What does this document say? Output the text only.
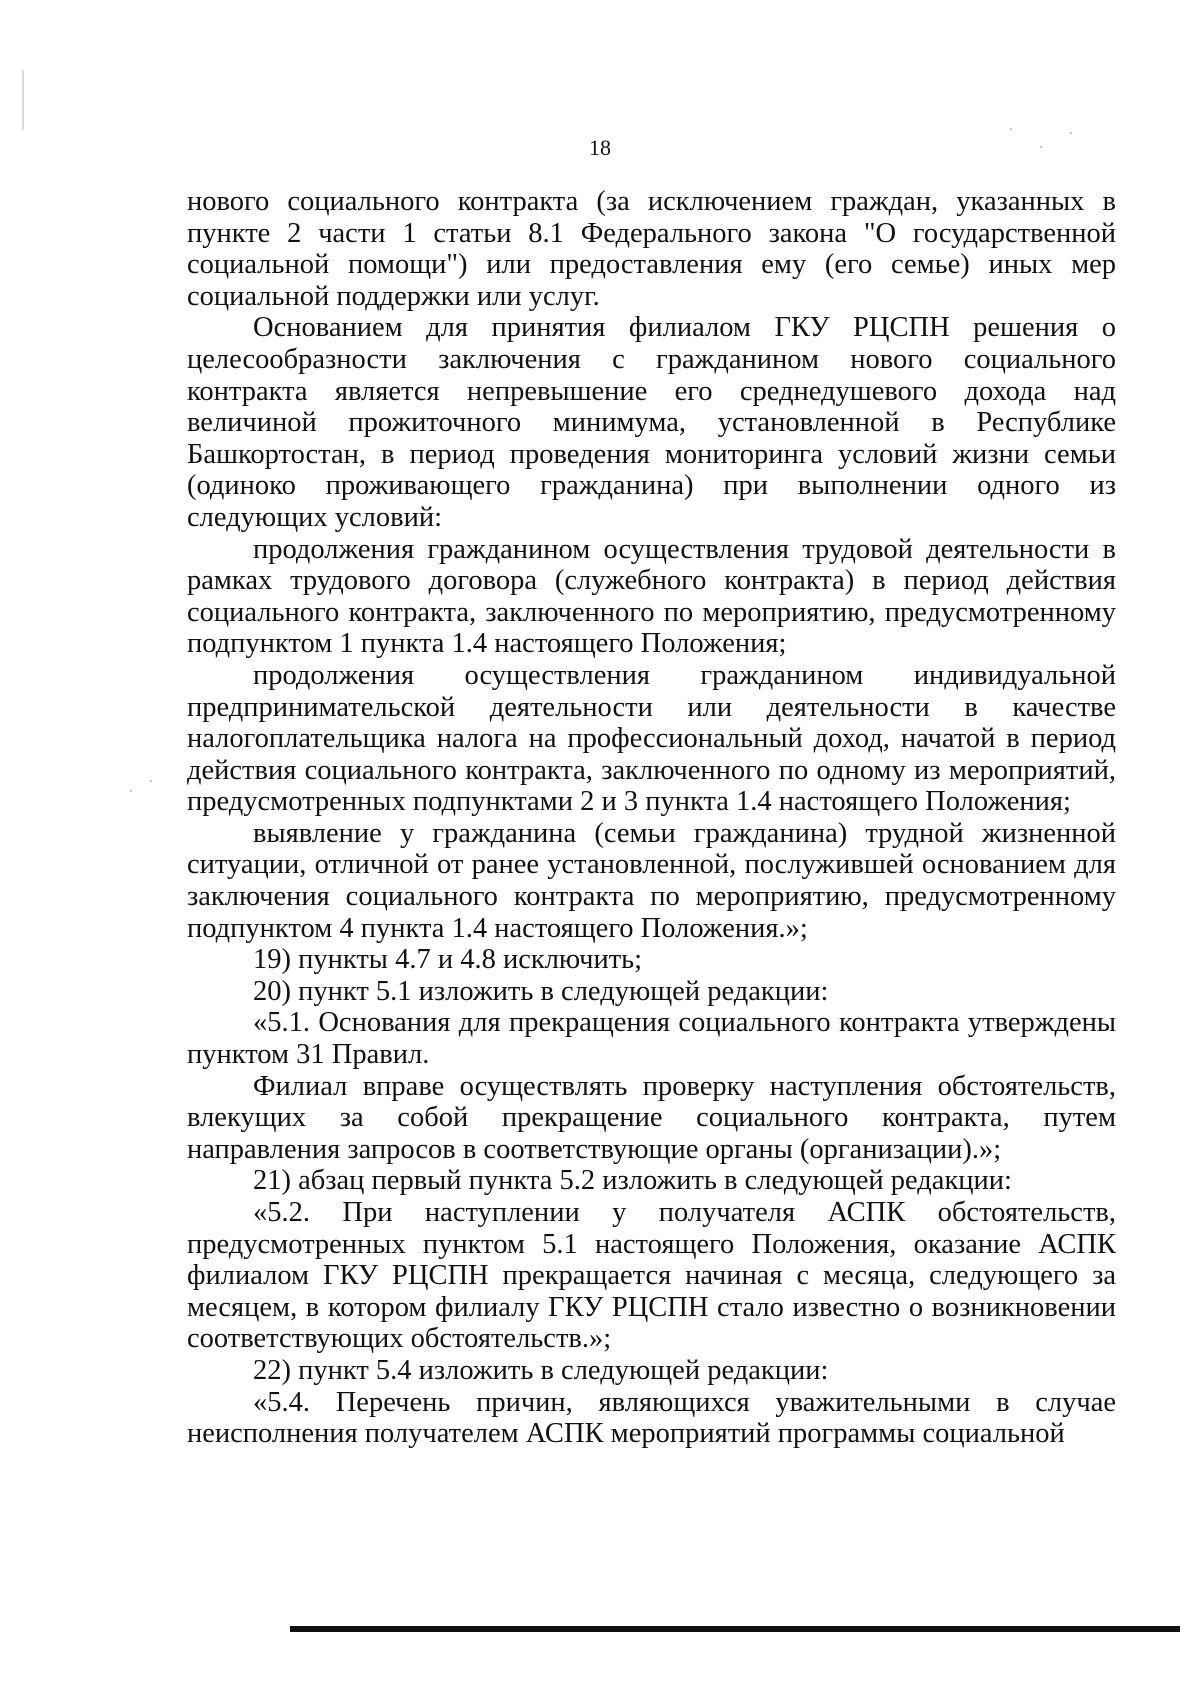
18

нового социального контракта (за исключением граждан, указанных в пункте 2 части 1 статьи 8.1 Федерального закона "О государственной социальной помощи") или предоставления ему (его семье) иных мер социальной поддержки или услуг.

Основанием для принятия филиалом ГКУ РЦСПН решения о целесообразности заключения с гражданином нового социального контракта является непревышение его среднедушевого дохода над величиной прожиточного минимума, установленной в Республике Башкортостан, в период проведения мониторинга условий жизни семьи (одиноко проживающего гражданина) при выполнении одного из следующих условий:

продолжения гражданином осуществления трудовой деятельности в рамках трудового договора (служебного контракта) в период действия социального контракта, заключенного по мероприятию, предусмотренному подпунктом 1 пункта 1.4 настоящего Положения;

продолжения осуществления гражданином индивидуальной предпринимательской деятельности или деятельности в качестве налогоплательщика налога на профессиональный доход, начатой в период действия социального контракта, заключенного по одному из мероприятий, предусмотренных подпунктами 2 и 3 пункта 1.4 настоящего Положения;

выявление у гражданина (семьи гражданина) трудной жизненной ситуации, отличной от ранее установленной, послужившей основанием для заключения социального контракта по мероприятию, предусмотренному подпунктом 4 пункта 1.4 настоящего Положения.»;

19) пункты 4.7 и 4.8 исключить;

20) пункт 5.1 изложить в следующей редакции:

«5.1. Основания для прекращения социального контракта утверждены пунктом 31 Правил.

Филиал вправе осуществлять проверку наступления обстоятельств, влекущих за собой прекращение социального контракта, путем направления запросов в соответствующие органы (организации).»;

21) абзац первый пункта 5.2 изложить в следующей редакции:

«5.2. При наступлении у получателя АСПК обстоятельств, предусмотренных пунктом 5.1 настоящего Положения, оказание АСПК филиалом ГКУ РЦСПН прекращается начиная с месяца, следующего за месяцем, в котором филиалу ГКУ РЦСПН стало известно о возникновении соответствующих обстоятельств.»;

22) пункт 5.4 изложить в следующей редакции:

«5.4. Перечень причин, являющихся уважительными в случае неисполнения получателем АСПК мероприятий программы социальной
